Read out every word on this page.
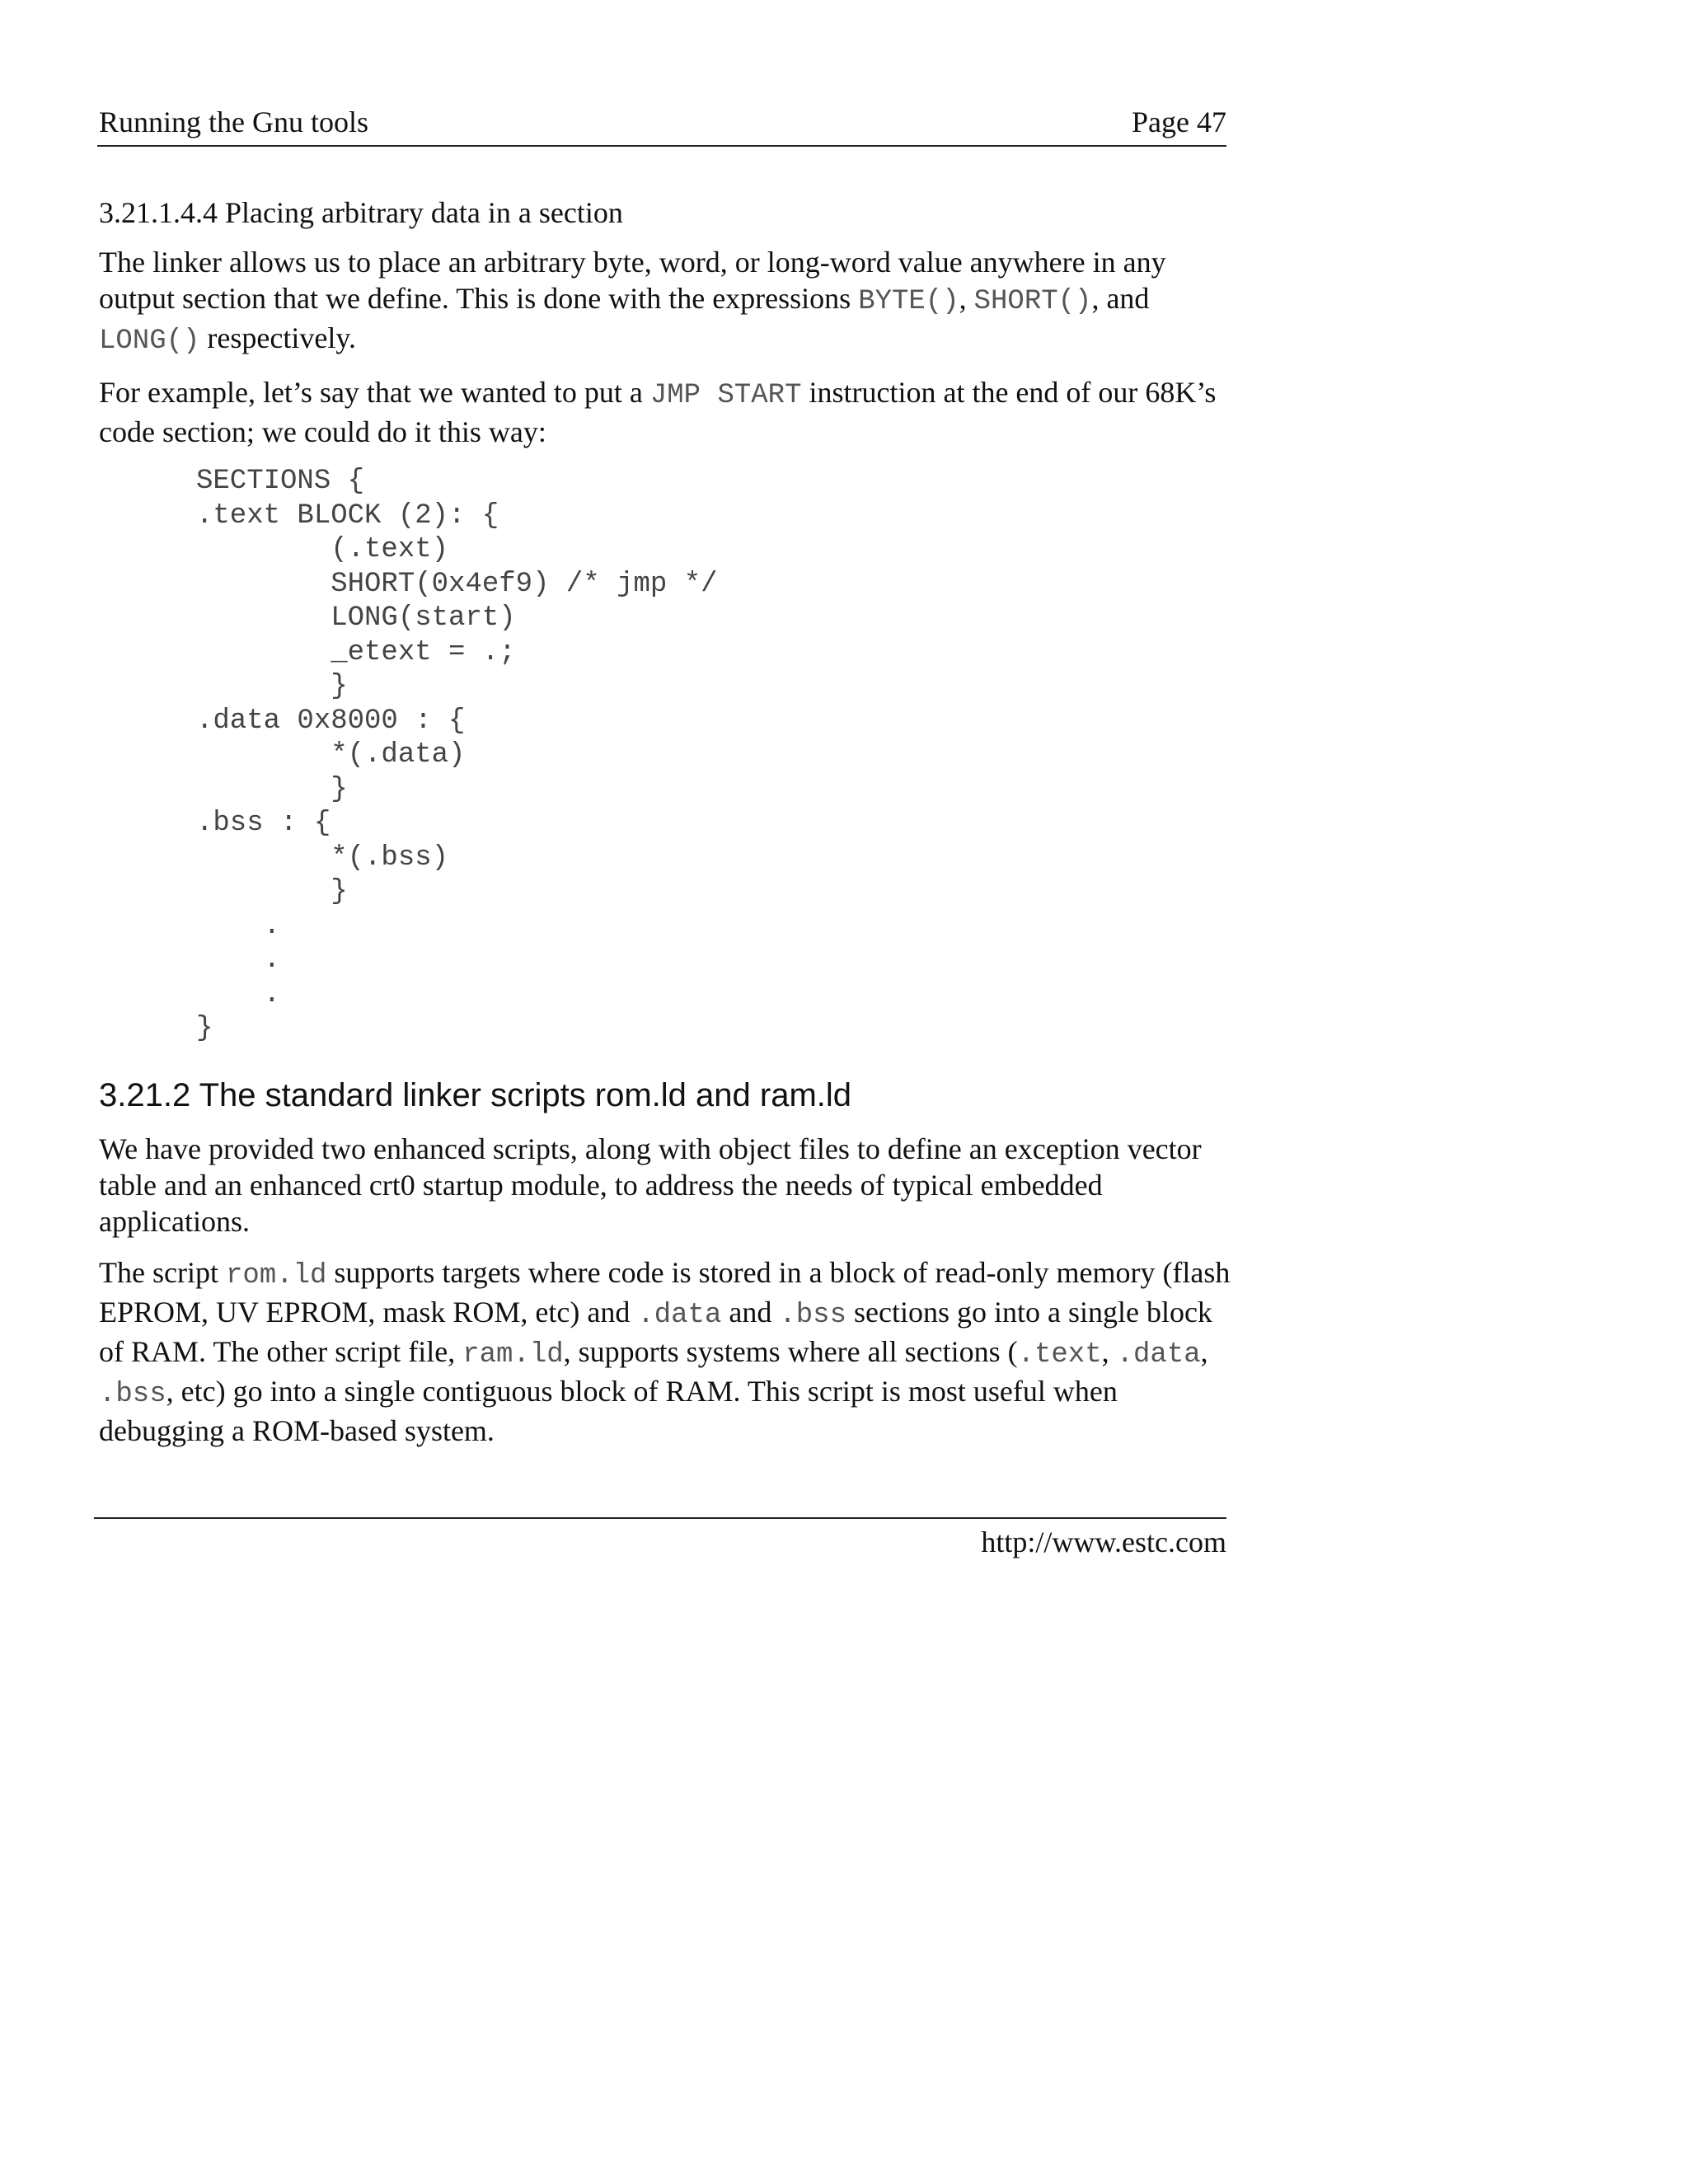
Running the Gnu tools	Page 47
3.21.1.4.4 Placing arbitrary data in a section

The linker allows us to place an arbitrary byte, word, or long-word value anywhere in any output section that we define. This is done with the expressions BYTE(), SHORT(), and LONG() respectively.

For example, let’s say that we wanted to put a JMP START instruction at the end of our 68K’s code section; we could do it this way:

SECTIONS {
.text BLOCK (2): {
(.text)
SHORT(0x4ef9) /* jmp */
LONG(start)
_etext = .;
}
.data 0x8000 : {
*(.data)
}
.bss : {
*(.bss)
}
.
.
.
}
3.21.2 The standard linker scripts rom.ld and ram.ld

We have provided two enhanced scripts, along with object files to define an exception vector table and an enhanced crt0 startup module, to address the needs of typical embedded applications.

The script rom.ld supports targets where code is stored in a block of read-only memory (flash EPROM, UV EPROM, mask ROM, etc) and .data and .bss sections go into a single block of RAM. The other script file, ram.ld, supports systems where all sections (.text, .data, .bss, etc) go into a single contiguous block of RAM. This script is most useful when debugging a ROM-based system.

http://www.estc.com
